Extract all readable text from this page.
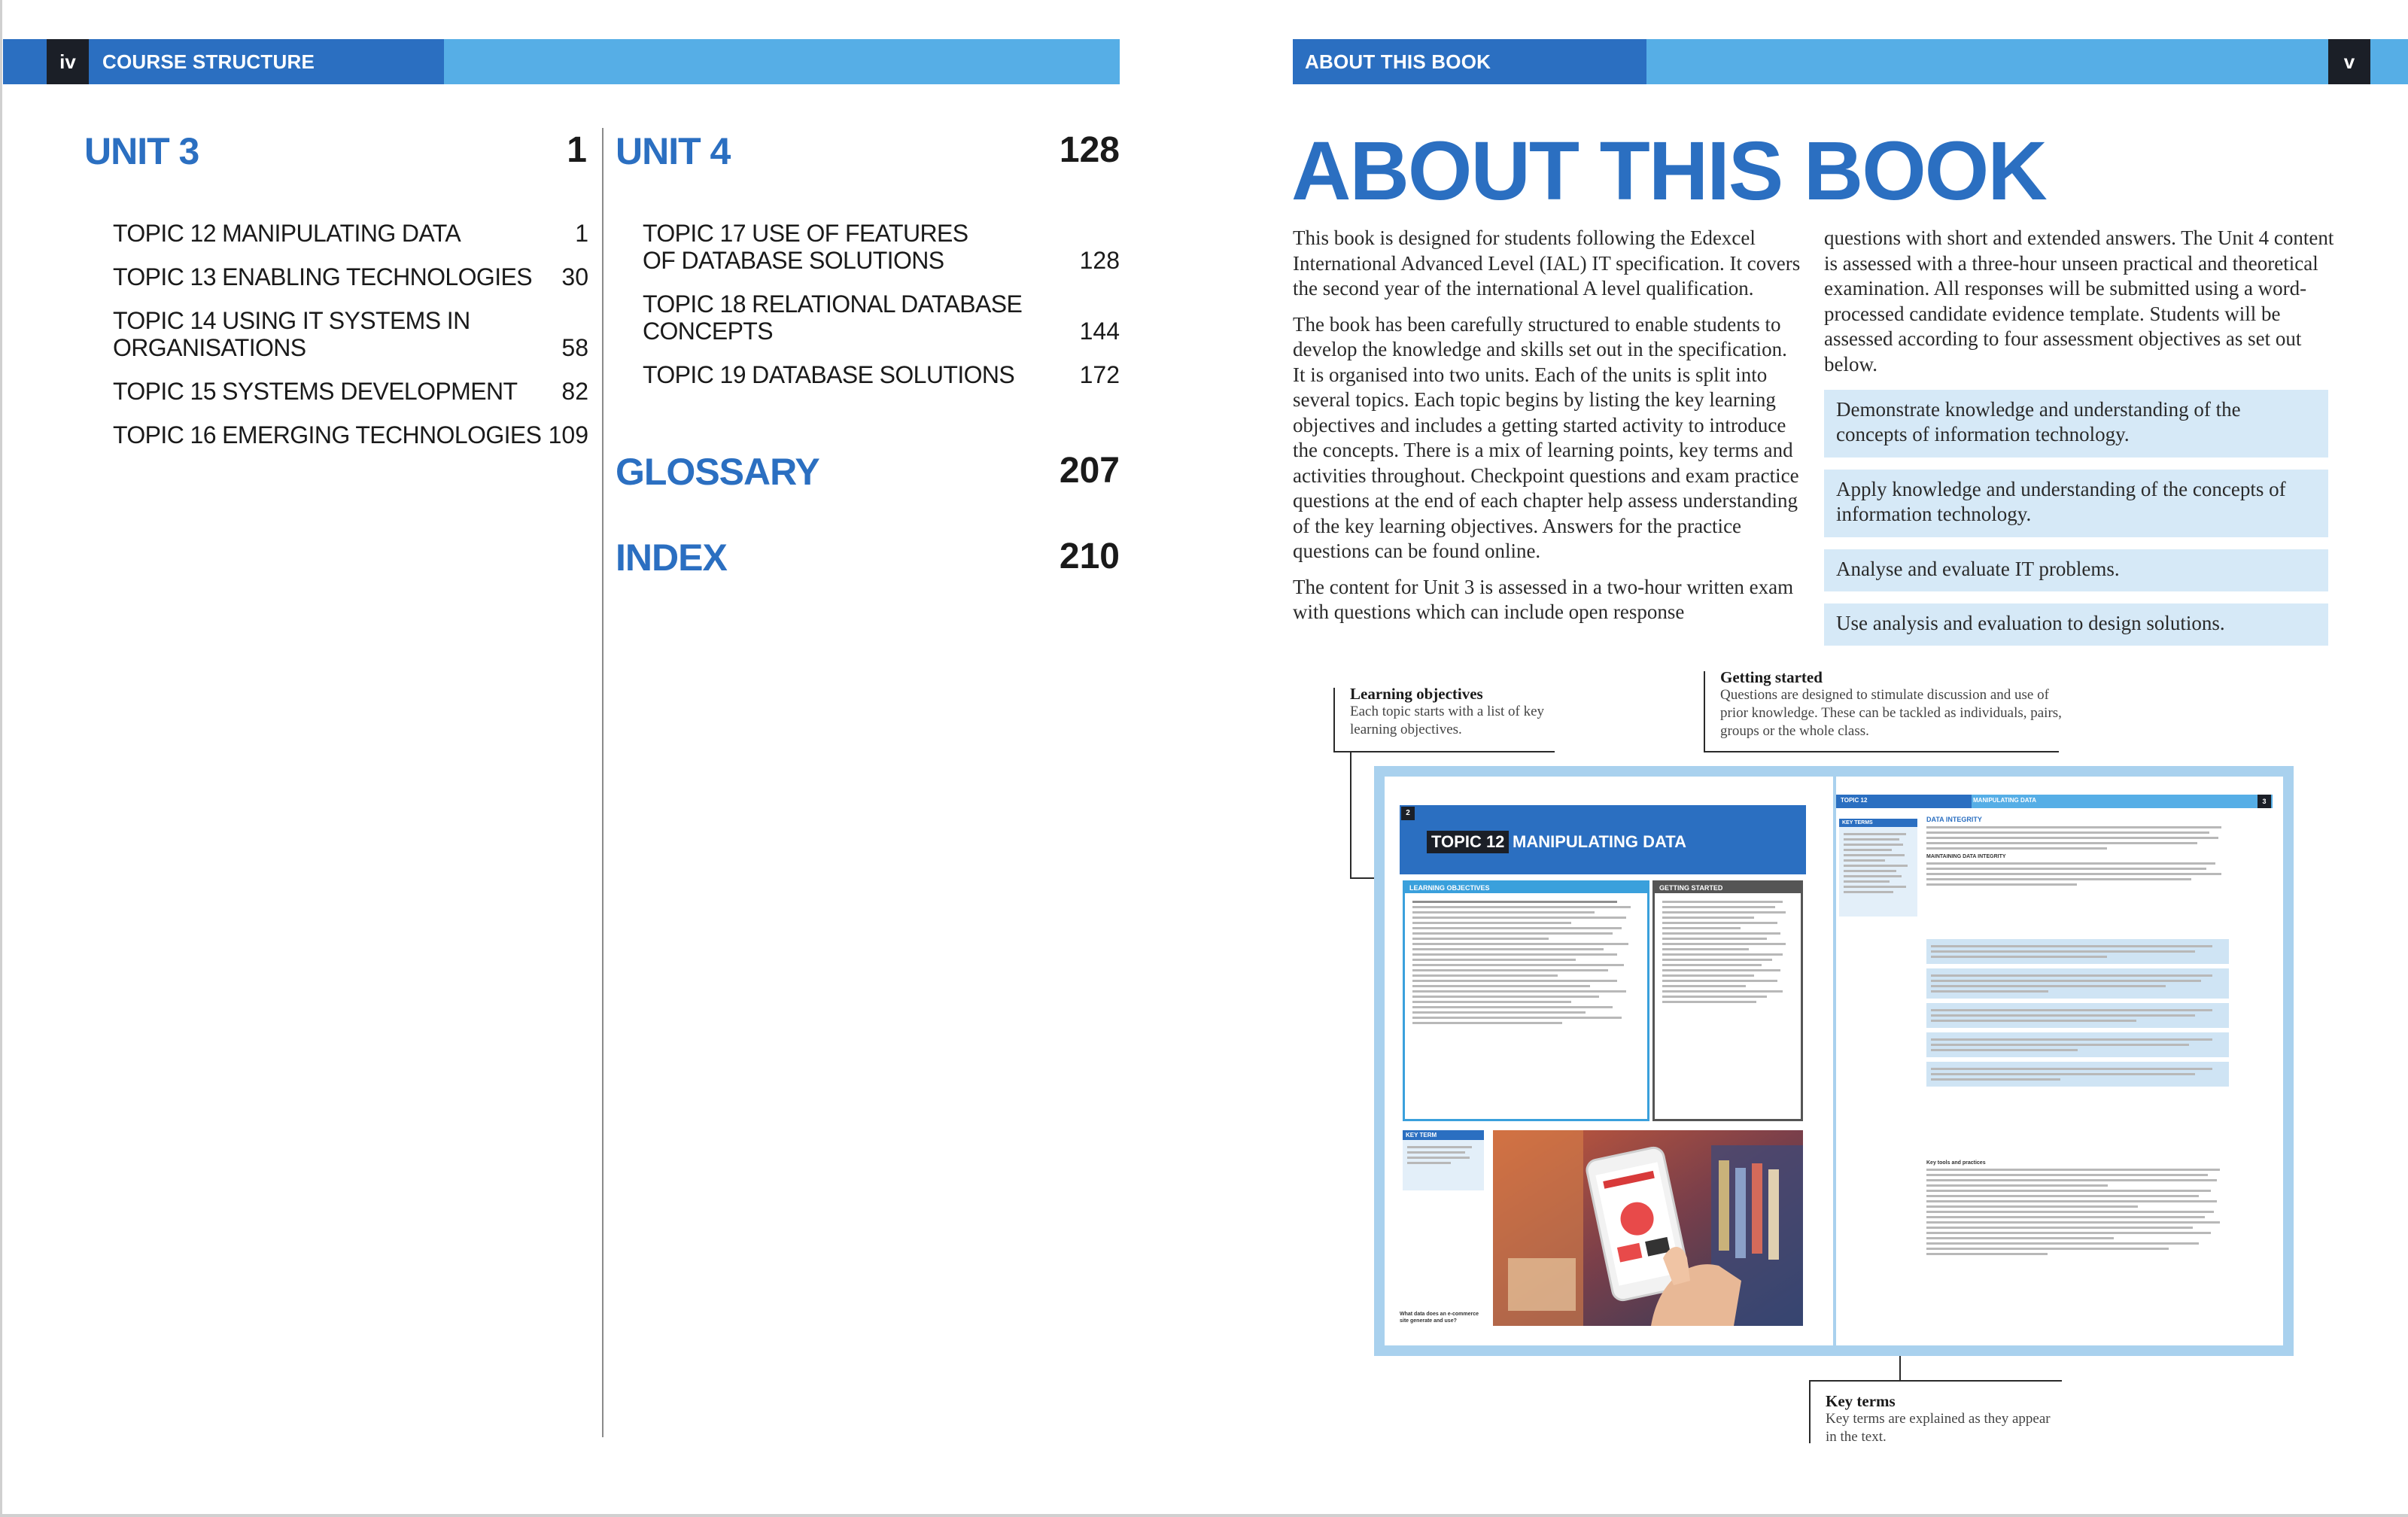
iv	COURSE STRUCTURE
UNIT 3	1
TOPIC 12 MANIPULATING DATA	1
TOPIC 13 ENABLING TECHNOLOGIES	30
TOPIC 14 USING IT SYSTEMS IN
ORGANISATIONS	58
TOPIC 15 SYSTEMS DEVELOPMENT	82
TOPIC 16 EMERGING TECHNOLOGIES 109
UNIT 4	128
TOPIC 17 USE OF FEATURES
OF DATABASE SOLUTIONS	128
TOPIC 18 RELATIONAL DATABASE
CONCEPTS	144
TOPIC 19 DATABASE SOLUTIONS	172
GLOSSARY	207
INDEX	210
ABOUT THIS BOOK	v
ABOUT THIS BOOK

This book is designed for students following the Edexcel International Advanced Level (IAL) IT specification. It covers the second year of the international A level qualification.

The book has been carefully structured to enable students to develop the knowledge and skills set out in the specification. It is organised into two units. Each of the units is split into several topics. Each topic begins by listing the key learning objectives and includes a getting started activity to introduce the concepts. There is a mix of learning points, key terms and activities throughout. Checkpoint questions and exam practice questions at the end of each chapter help assess understanding of the key learning objectives. Answers for the practice questions can be found online.

The content for Unit 3 is assessed in a two-hour written exam with questions which can include open response

questions with short and extended answers. The Unit 4 content is assessed with a three-hour unseen practical and theoretical examination. All responses will be submitted using a word-processed candidate evidence template. Students will be assessed according to four assessment objectives as set out below.

Demonstrate knowledge and understanding of the concepts of information technology.
Apply knowledge and understanding of the concepts of information technology.
Analyse and evaluate IT problems.
Use analysis and evaluation to design solutions.
Learning objectives
Each topic starts with a list of key learning objectives.
Getting started
Questions are designed to stimulate discussion and use of prior knowledge. These can be tackled as individuals, pairs, groups or the whole class.
Key terms
Key terms are explained as they appear in the text.
2
TOPIC 12 MANIPULATING DATA
LEARNING OBJECTIVES	GETTING STARTED
KEY TERM
What data does an e-commerce site generate and use?
TOPIC 12	MANIPULATING DATA	3
KEY TERMS	DATA INTEGRITY
MAINTAINING DATA INTEGRITY
Key tools and practices
